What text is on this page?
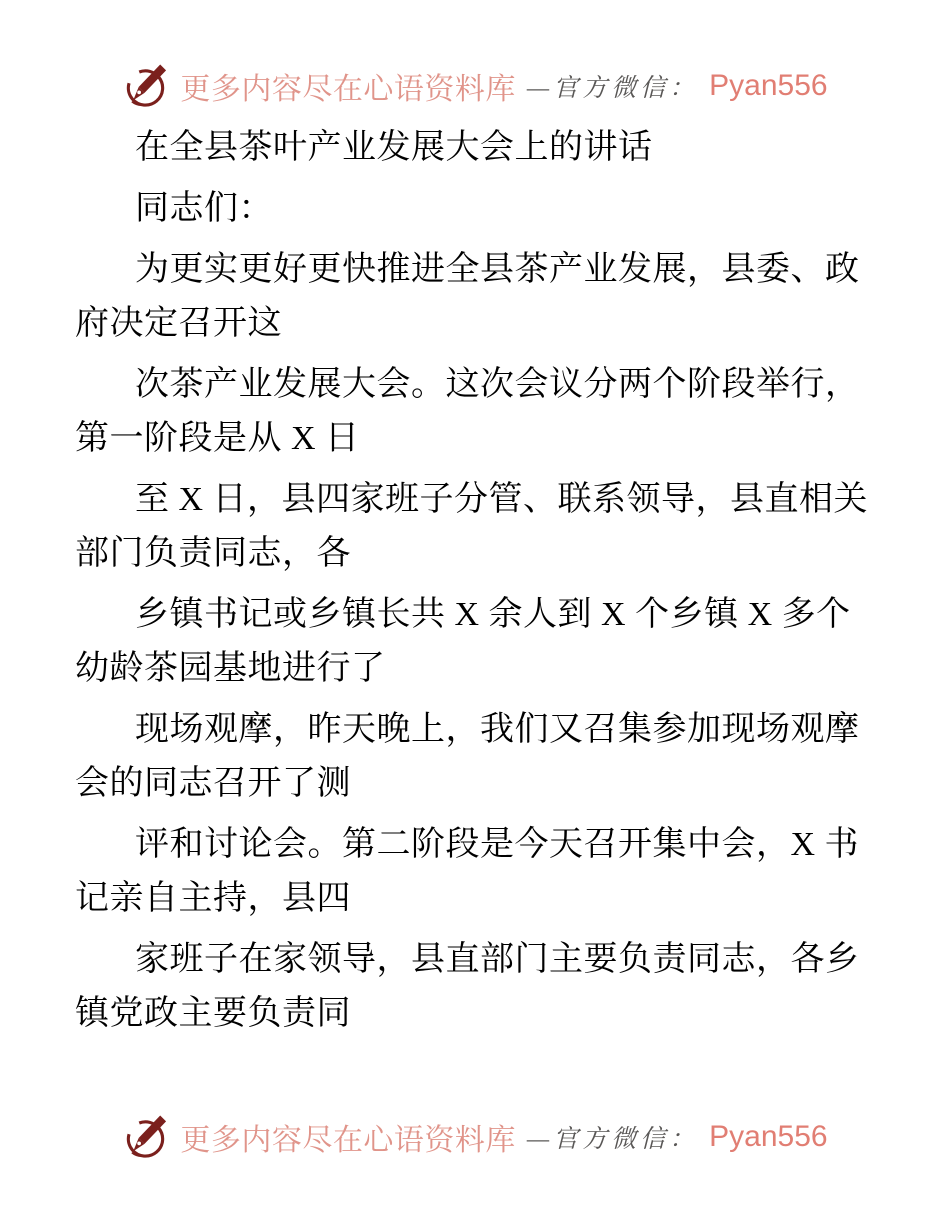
更多内容尽在心语资料库 —官方微信： Pyan556
在全县茶叶产业发展大会上的讲话
同志们：
为更实更好更快推进全县茶产业发展，县委、政
府决定召开这
次茶产业发展大会。这次会议分两个阶段举行，
第一阶段是从 X 日
至 X 日，县四家班子分管、联系领导，县直相关
部门负责同志，各
乡镇书记或乡镇长共 X 余人到 X 个乡镇 X 多个
幼龄茶园基地进行了
现场观摩，昨天晚上，我们又召集参加现场观摩
会的同志召开了测
评和讨论会。第二阶段是今天召开集中会，X 书
记亲自主持，县四
家班子在家领导，县直部门主要负责同志，各乡
镇党政主要负责同
更多内容尽在心语资料库 —官方微信： Pyan556
